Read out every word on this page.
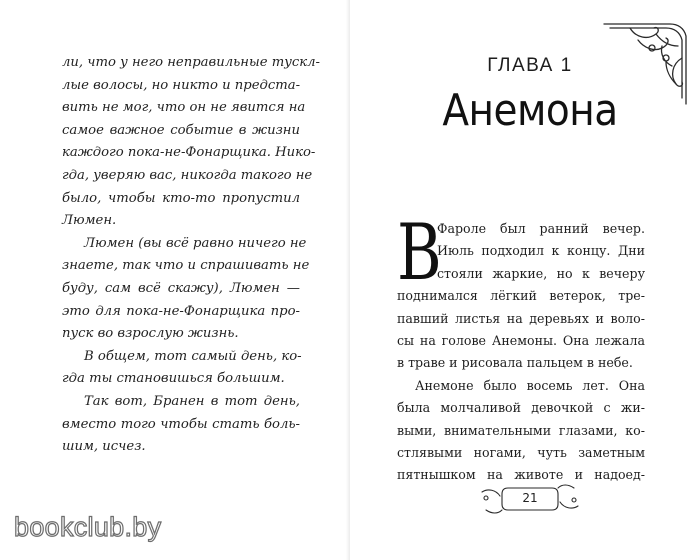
ли, что у него неправильные тускл-
лые волосы, но никто и предста-
вить не мог, что он не явится на
самое важное событие в жизни
каждого пока-не-Фонарщика. Нико-
гда, уверяю вас, никогда такого не
было, чтобы кто-то пропустил
Люмен.
Люмен (вы всё равно ничего не
знаете, так что и спрашивать не
буду, сам всё скажу), Люмен —
это для пока-не-Фонарщика про-
пуск во взрослую жизнь.
В общем, тот самый день, ко-
гда ты становишься большим.
Так вот, Бранен в тот день,
вместо того чтобы стать боль-
шим, исчез.
ГЛАВА 1
Анемона
В
Фароле был ранний вечер.
Июль подходил к концу. Дни
стояли жаркие, но к вечеру
поднимался лёгкий ветерок, тре-
павший листья на деревьях и воло-
сы на голове Анемоны. Она лежала
в траве и рисовала пальцем в небе.
Анемоне было восемь лет. Она
была молчаливой девочкой с жи-
выми, внимательными глазами, ко-
стлявыми ногами, чуть заметным
пятнышком на животе и надоед-
21
bookclub.by
